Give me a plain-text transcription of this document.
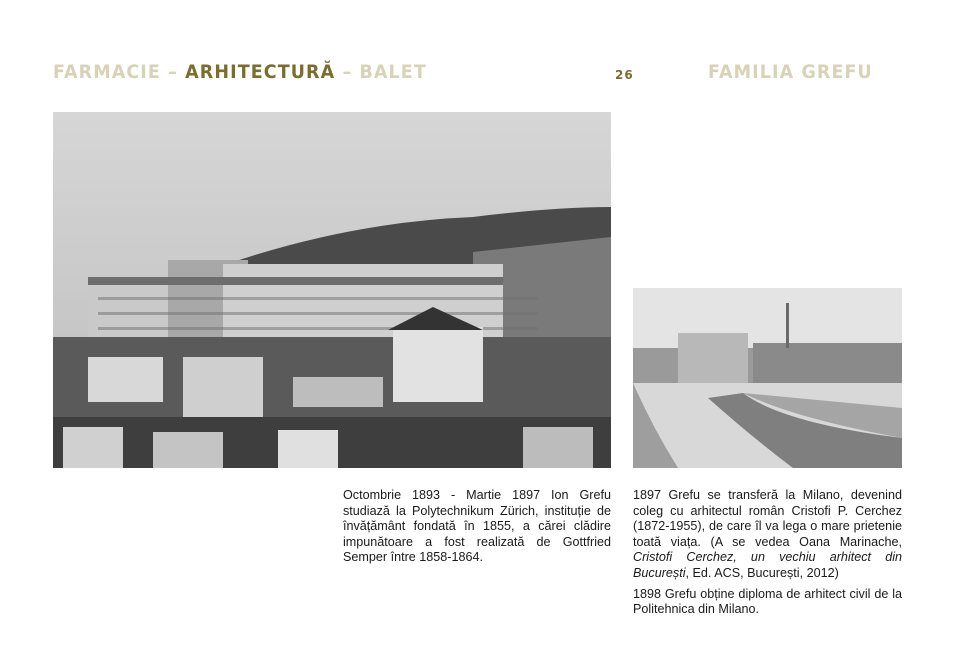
FARMACIE – ARHITECTURĂ – BALET	26	FAMILIA GREFU

Octombrie 1893 - Martie 1897 Ion Grefu studiază la Polytechnikum Zürich, instituție de învățământ fondată în 1855, a cărei clădire impunătoare a fost realizată de Gottfried Semper între 1858-1864.

1897 Grefu se transferă la Milano, devenind coleg cu arhitectul român Cristofi P. Cerchez (1872-1955), de care îl va lega o mare prietenie toată viața. (A se vedea Oana Marinache, Cristofi Cerchez, un vechiu arhitect din București, Ed. ACS, București, 2012)

1898 Grefu obține diploma de arhitect civil de la Politehnica din Milano.
